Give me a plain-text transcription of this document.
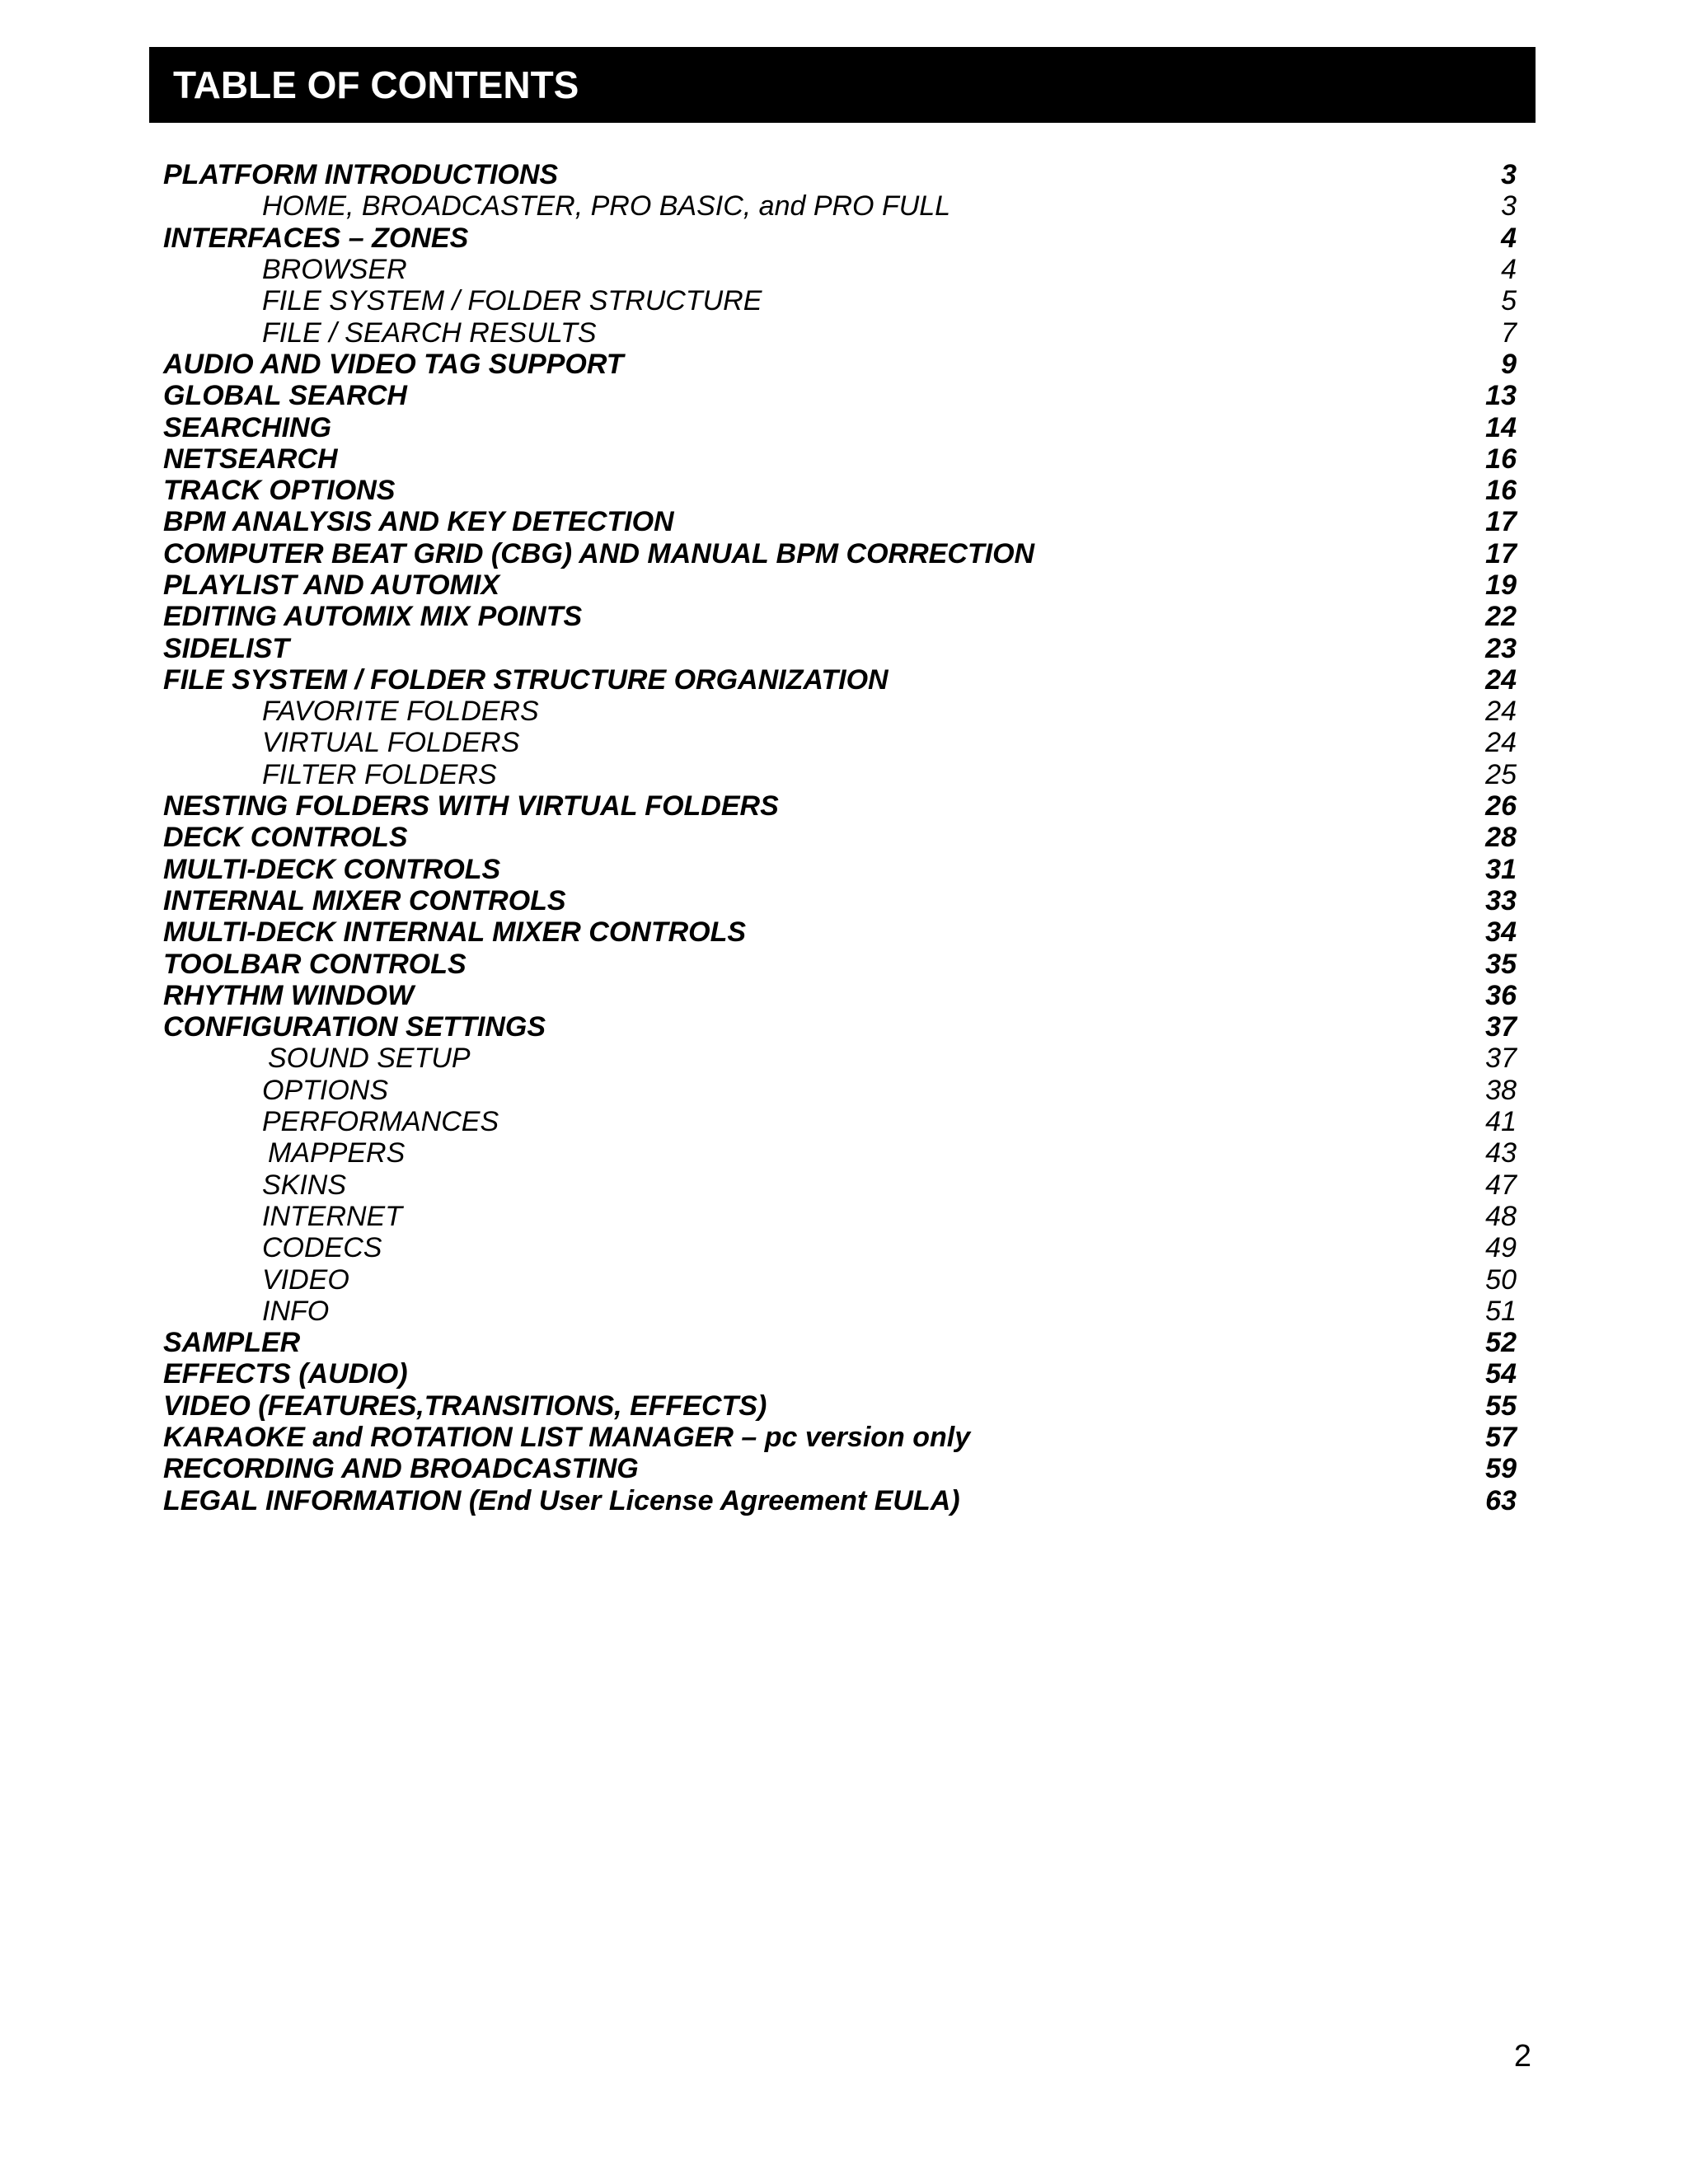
TABLE OF CONTENTS
PLATFORM INTRODUCTIONS	3
HOME, BROADCASTER, PRO BASIC, and PRO FULL	3
INTERFACES – ZONES	4
BROWSER	4
FILE SYSTEM / FOLDER STRUCTURE	5
FILE / SEARCH RESULTS	7
AUDIO AND VIDEO TAG SUPPORT	9
GLOBAL SEARCH	13
SEARCHING	14
NETSEARCH	16
TRACK OPTIONS	16
BPM ANALYSIS AND KEY DETECTION	17
COMPUTER BEAT GRID (CBG) AND MANUAL BPM CORRECTION	17
PLAYLIST AND AUTOMIX	19
EDITING AUTOMIX MIX POINTS	22
SIDELIST	23
FILE SYSTEM / FOLDER STRUCTURE ORGANIZATION	24
FAVORITE FOLDERS	24
VIRTUAL FOLDERS	24
FILTER FOLDERS	25
NESTING FOLDERS WITH VIRTUAL FOLDERS	26
DECK CONTROLS	28
MULTI-DECK CONTROLS	31
INTERNAL MIXER CONTROLS	33
MULTI-DECK INTERNAL MIXER CONTROLS	34
TOOLBAR CONTROLS	35
RHYTHM WINDOW	36
CONFIGURATION SETTINGS	37
SOUND SETUP	37
OPTIONS	38
PERFORMANCES	41
MAPPERS	43
SKINS	47
INTERNET	48
CODECS	49
VIDEO	50
INFO	51
SAMPLER	52
EFFECTS (AUDIO)	54
VIDEO (FEATURES,TRANSITIONS, EFFECTS)	55
KARAOKE and ROTATION LIST MANAGER – pc version only	57
RECORDING AND BROADCASTING	59
LEGAL INFORMATION (End User License Agreement EULA)	63
2
